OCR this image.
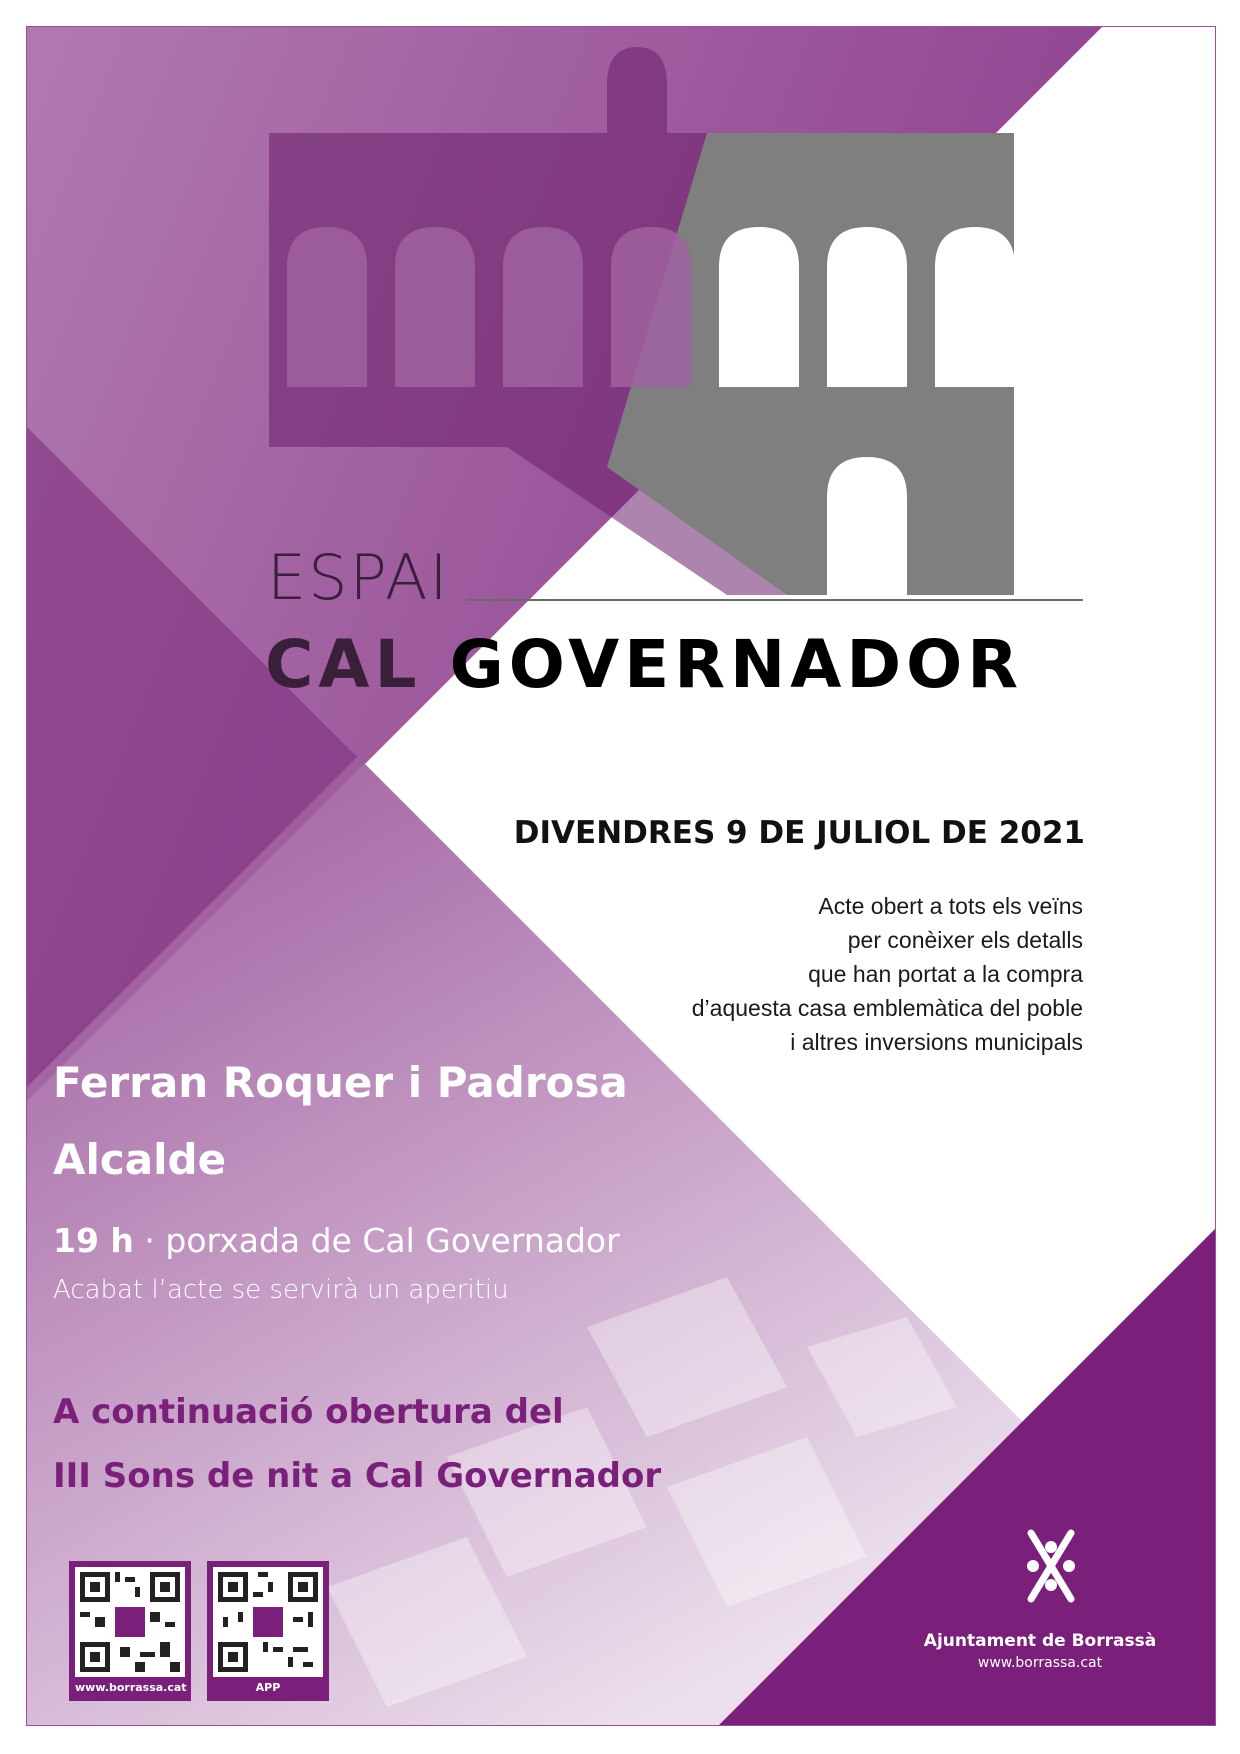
ESPAI
CAL GOVERNADOR
DIVENDRES 9 DE JULIOL DE 2021
Acte obert a tots els veïns
per conèixer els detalls
que han portat a la compra
d’aquesta casa emblemàtica del poble
i altres inversions municipals
Ferran Roquer i Padrosa
Alcalde
19 h · porxada de Cal Governador
Acabat l’acte se servirà un aperitiu
A continuació obertura del
III Sons de nit a Cal Governador
www.borrassa.cat	APP
Ajuntament de Borrassà
www.borrassa.cat
